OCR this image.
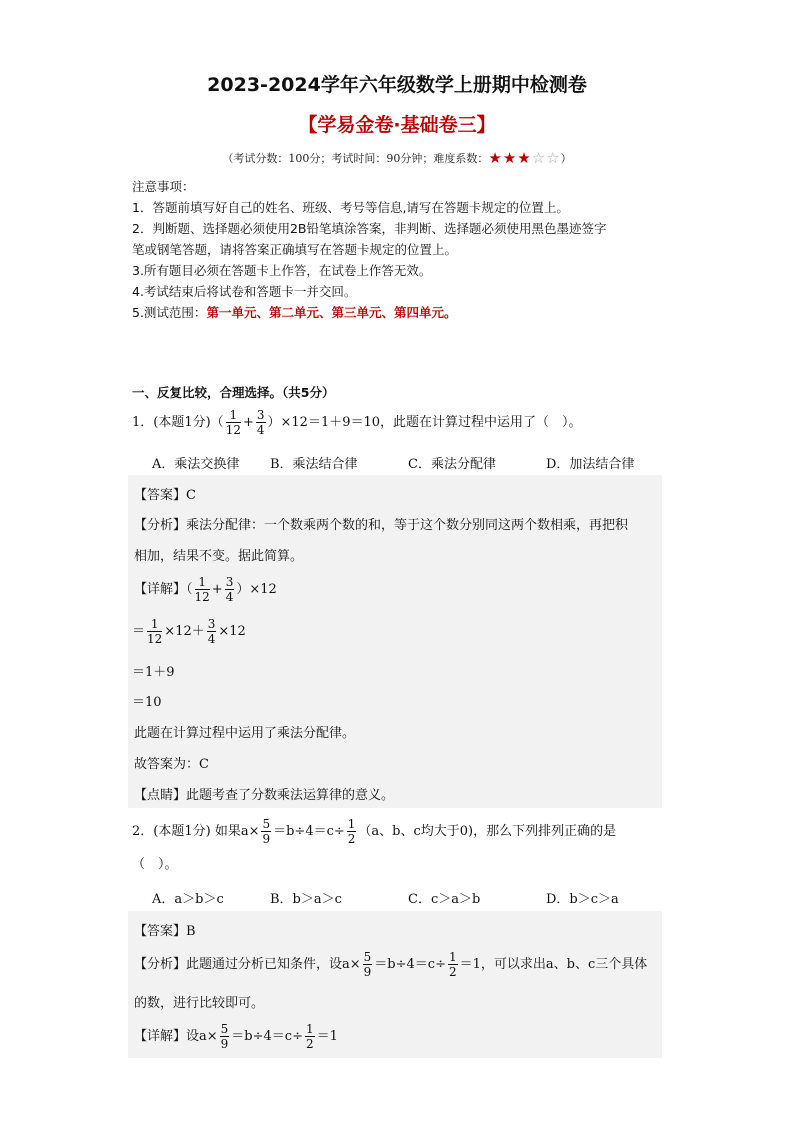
2023-2024学年六年级数学上册期中检测卷
【学易金卷·基础卷三】
（考试分数：100分；考试时间：90分钟；难度系数：★★★☆☆）
注意事项：
1．答题前填写好自己的姓名、班级、考号等信息,请写在答题卡规定的位置上。
2．判断题、选择题必须使用2B铅笔填涂答案，非判断、选择题必须使用黑色墨迹签字
笔或钢笔答题，请将答案正确填写在答题卡规定的位置上。
3.所有题目必须在答题卡上作答，在试卷上作答无效。
4.考试结束后将试卷和答题卡一并交回。
5.测试范围：第一单元、第二单元、第三单元、第四单元。
一、反复比较，合理选择。（共5分）
1．(本题1分)（ $\frac{1}{12} + \frac{3}{4} )\times 12=1+9=10$，此题在计算过程中运用了（　）。
A．乘法交换律 B．乘法结合律	C．乘法分配律	D．加法结合律
【答案】C
【分析】乘法分配律：一个数乘两个数的和，等于这个数分别同这两个数相乘，再把积
相加，结果不变。据此简算。
【详解】（ $\frac{1}{12} + \frac{3}{4} )\times 12$
＝ $\frac{1}{12} \times 12+ \frac{3}{4} \times 12$
＝1＋9
＝10
此题在计算过程中运用了乘法分配律。
故答案为：C
【点睛】此题考查了分数乘法运算律的意义。
2．(本题1分) 如果$a\times \frac{5}{9} =b\div 4=c\div \frac{1}{2} (a$、b、c均大于0)，那么下列排列正确的是
（　）。
A．a＞b＞c	B．b＞a＞c	C．c＞a＞b	D．b＞c＞a
【答案】B
【分析】此题通过分析已知条件，设$a\times \frac{5}{9} =b\div 4=c\div \frac{1}{2} =1$，可以求出a、b、c三个具体
的数，进行比较即可。
【详解】设$a\times \frac{5}{9} =b\div 4=c\div \frac{1}{2} =1$
